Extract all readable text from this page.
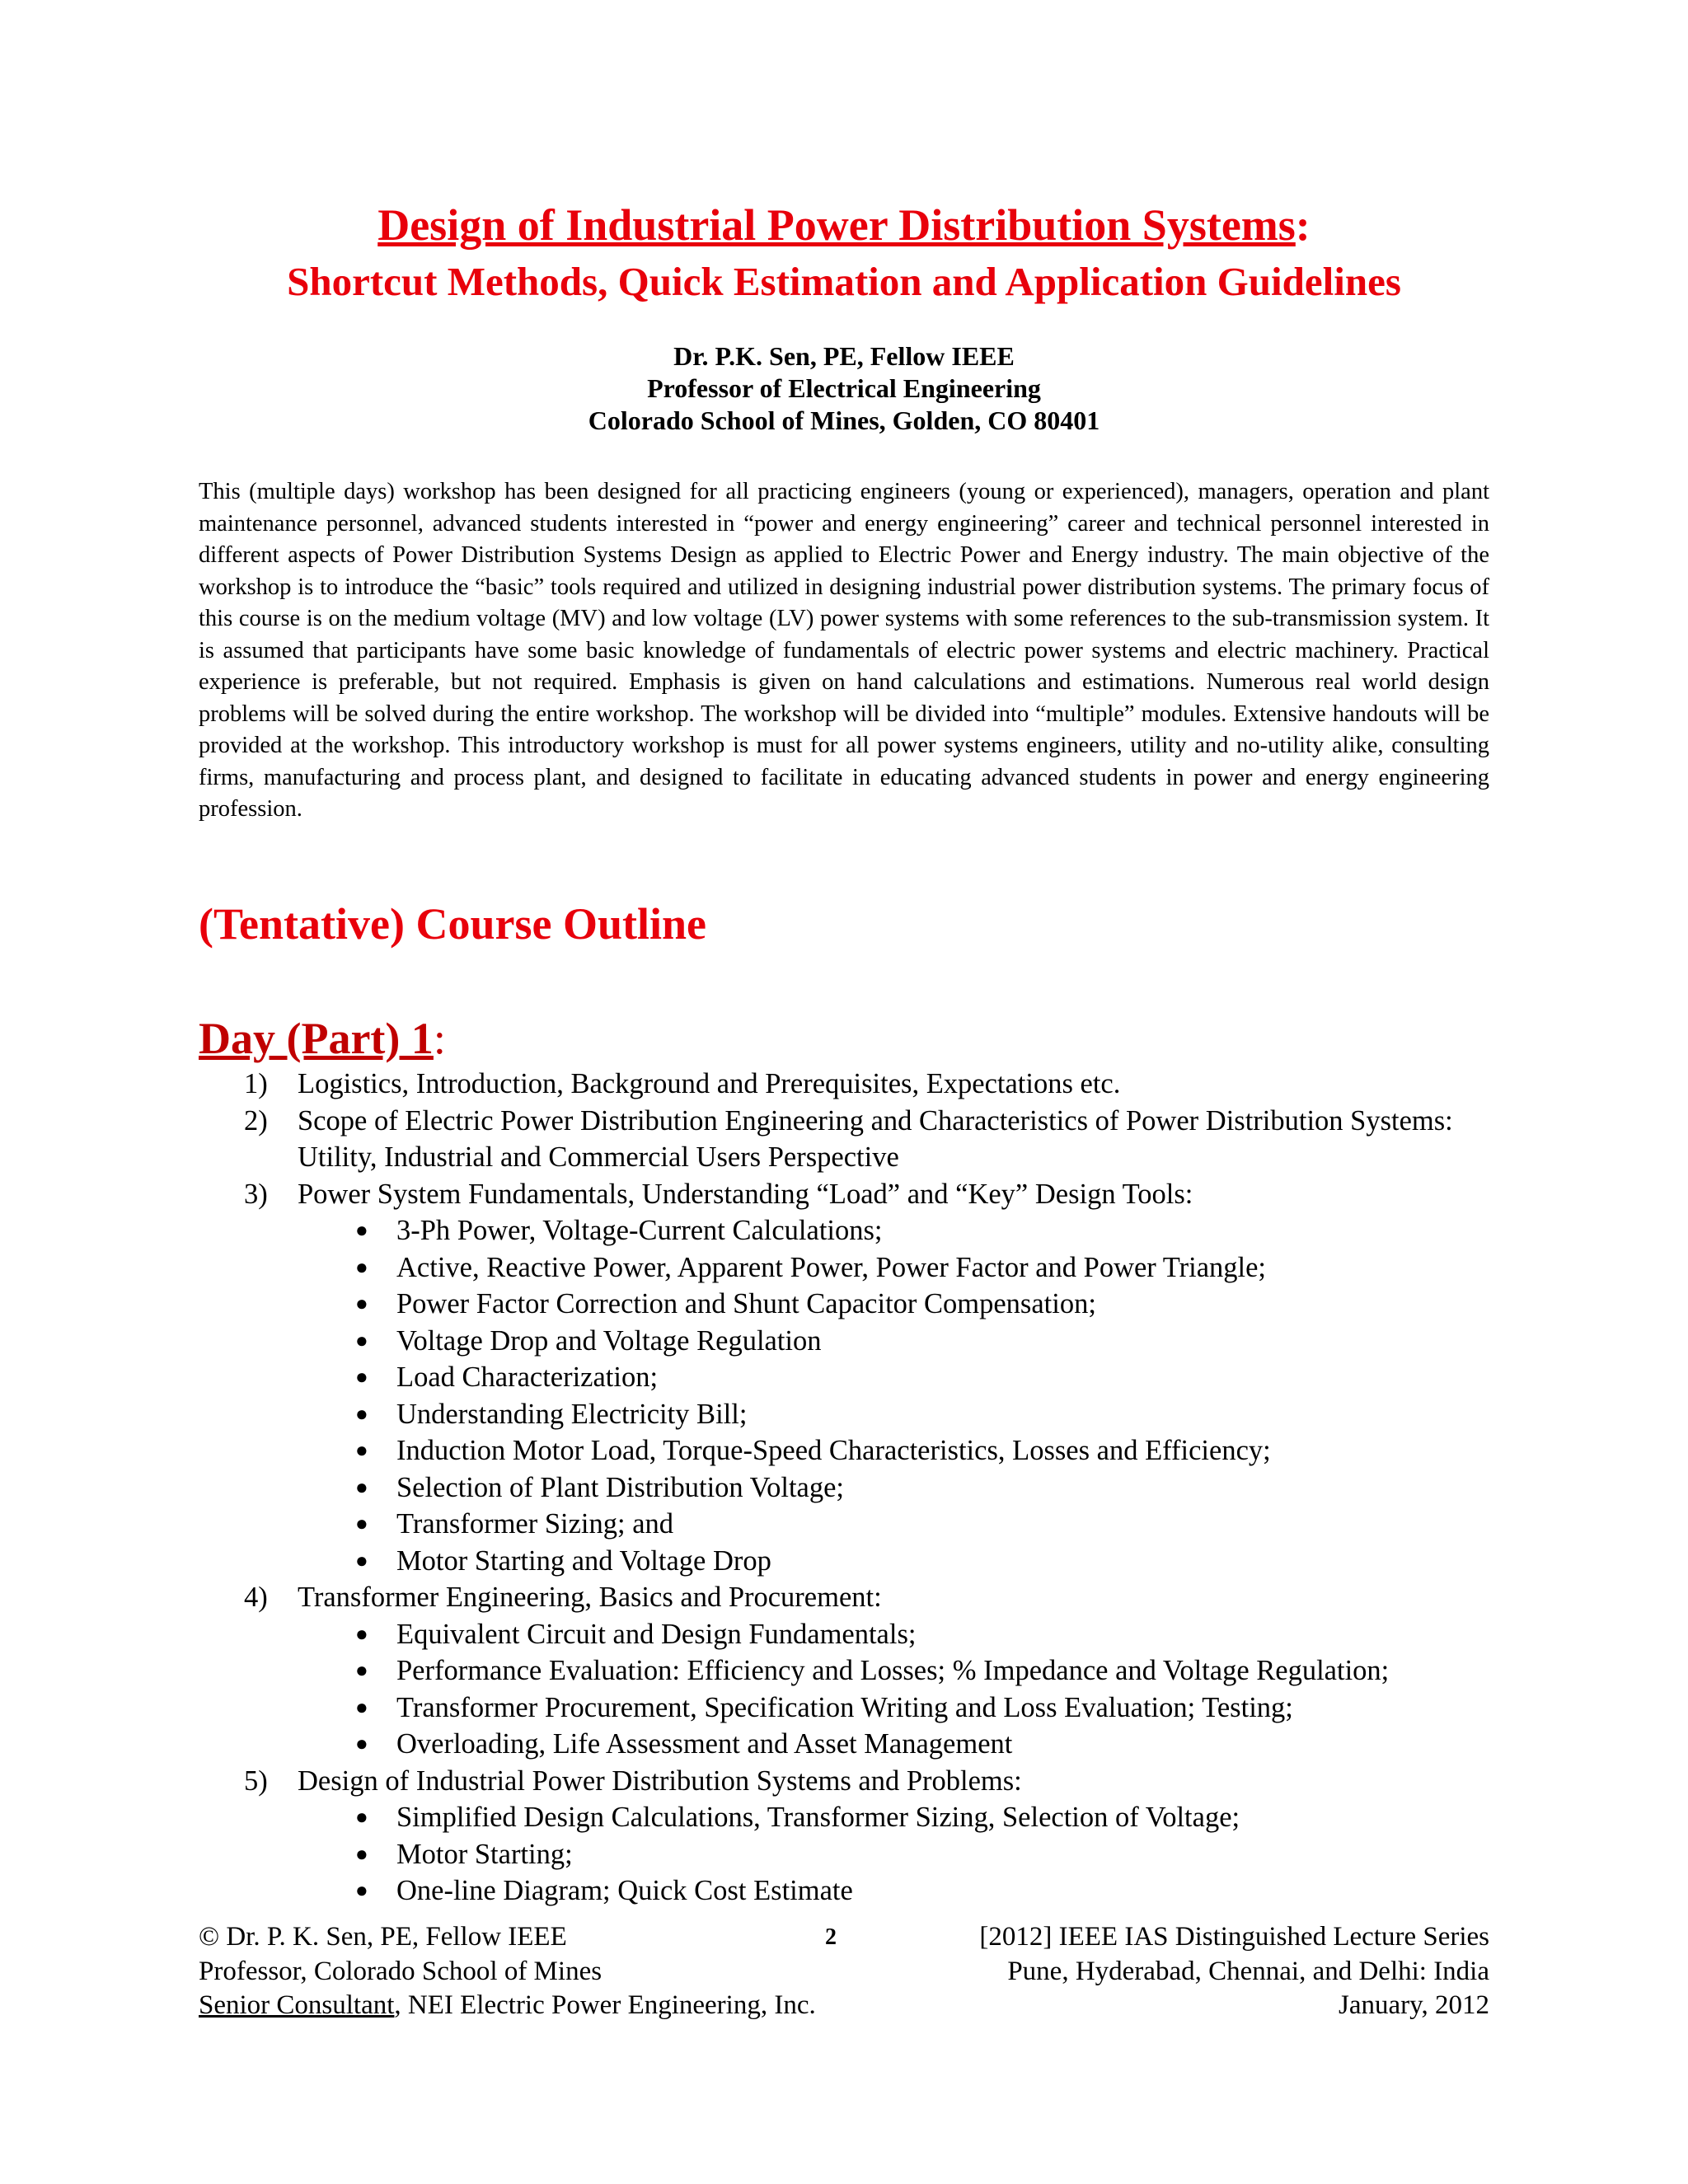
Design of Industrial Power Distribution Systems:
Shortcut Methods, Quick Estimation and Application Guidelines
Dr. P.K. Sen, PE, Fellow IEEE
Professor of Electrical Engineering
Colorado School of Mines, Golden, CO 80401

This (multiple days) workshop has been designed for all practicing engineers (young or experienced), managers, operation and plant maintenance personnel, advanced students interested in “power and energy engineering” career and technical personnel interested in different aspects of Power Distribution Systems Design as applied to Electric Power and Energy industry. The main objective of the workshop is to introduce the “basic” tools required and utilized in designing industrial power distribution systems. The primary focus of this course is on the medium voltage (MV) and low voltage (LV) power systems with some references to the sub-transmission system. It is assumed that participants have some basic knowledge of fundamentals of electric power systems and electric machinery. Practical experience is preferable, but not required. Emphasis is given on hand calculations and estimations. Numerous real world design problems will be solved during the entire workshop. The workshop will be divided into “multiple” modules. Extensive handouts will be provided at the workshop. This introductory workshop is must for all power systems engineers, utility and no-utility alike, consulting firms, manufacturing and process plant, and designed to facilitate in educating advanced students in power and energy engineering profession.

(Tentative) Course Outline
Day (Part) 1:
1) Logistics, Introduction, Background and Prerequisites, Expectations etc.
2) Scope of Electric Power Distribution Engineering and Characteristics of Power Distribution Systems: Utility, Industrial and Commercial Users Perspective
3) Power System Fundamentals, Understanding “Load” and “Key” Design Tools:
● 3-Ph Power, Voltage-Current Calculations;
● Active, Reactive Power, Apparent Power, Power Factor and Power Triangle;
● Power Factor Correction and Shunt Capacitor Compensation;
● Voltage Drop and Voltage Regulation
● Load Characterization;
● Understanding Electricity Bill;
● Induction Motor Load, Torque-Speed Characteristics, Losses and Efficiency;
● Selection of Plant Distribution Voltage;
● Transformer Sizing; and
● Motor Starting and Voltage Drop
4) Transformer Engineering, Basics and Procurement:
● Equivalent Circuit and Design Fundamentals;
● Performance Evaluation: Efficiency and Losses; % Impedance and Voltage Regulation;
● Transformer Procurement, Specification Writing and Loss Evaluation; Testing;
● Overloading, Life Assessment and Asset Management
5) Design of Industrial Power Distribution Systems and Problems:
● Simplified Design Calculations, Transformer Sizing, Selection of Voltage;
● Motor Starting;
● One-line Diagram; Quick Cost Estimate
© Dr. P. K. Sen, PE, Fellow IEEE
Professor, Colorado School of Mines
Senior Consultant, NEI Electric Power Engineering, Inc.
2	[2012] IEEE IAS Distinguished Lecture Series
Pune, Hyderabad, Chennai, and Delhi: India
January, 2012
